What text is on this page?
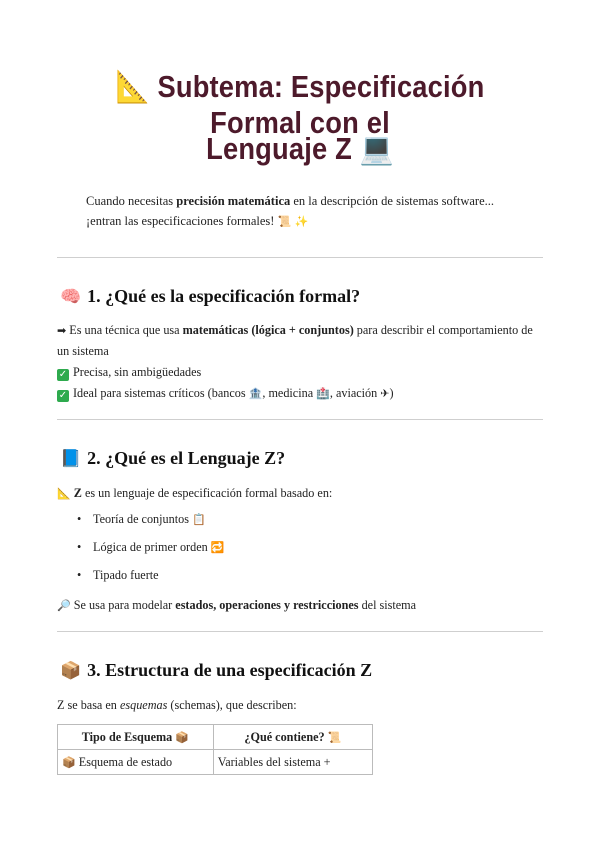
📐 Subtema: Especificación Formal con el
Lenguaje Z 💻
Cuando necesitas precisión matemática en la descripción de sistemas software...
¡entran las especificaciones formales! 📜 ✨
🧠 1. ¿Qué es la especificación formal?
➡ Es una técnica que usa matemáticas (lógica + conjuntos) para describir el comportamiento de
un sistema
✓ Precisa, sin ambigüedades
✓ Ideal para sistemas críticos (bancos 🏦, medicina 🏥, aviación ✈)
📘 2. ¿Qué es el Lenguaje Z?
📐 Z es un lenguaje de especificación formal basado en:
• Teoría de conjuntos 📋
• Lógica de primer orden 🔁
• Tipado fuerte
🔎 Se usa para modelar estados, operaciones y restricciones del sistema
📦 3. Estructura de una especificación Z
Z se basa en esquemas (schemas), que describen:
Tipo de Esquema 📦	¿Qué contiene? 📜
📦 Esquema de estado	Variables del sistema +
